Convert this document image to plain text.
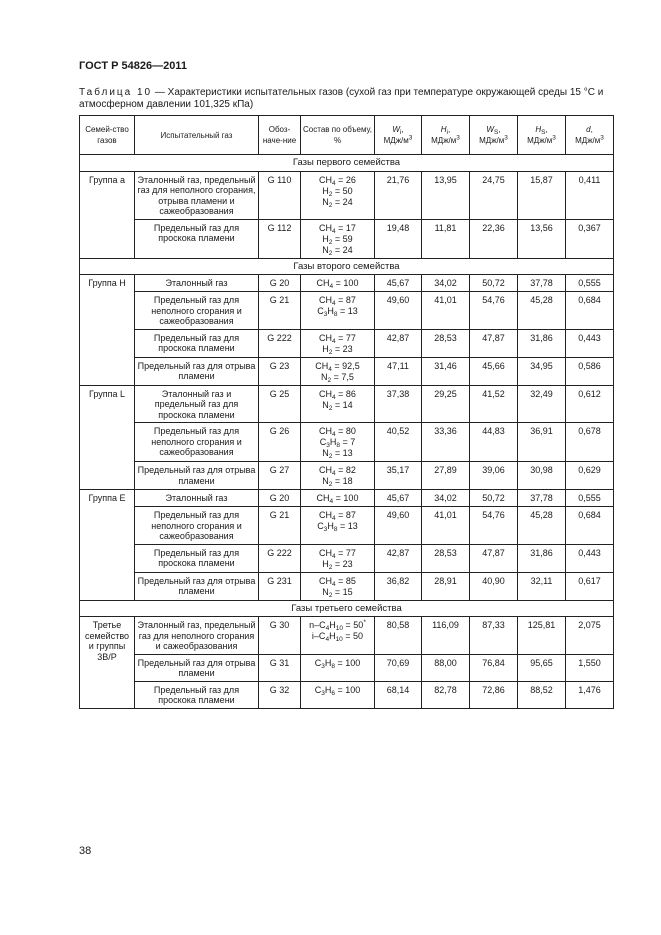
ГОСТ Р 54826—2011
Таблица 10 — Характеристики испытательных газов (сухой газ при температуре окружающей среды 15 °С и атмосферном давлении 101,325 кПа)
Семей-ство газов	Испытательный газ	Обоз-наче-ние	Состав по объему, %	$W_i$,
МДж/$м^3$	$H_i$,
МДж/$м^3$	$W_S$,
МДж/$м^3$	$H_S$,
МДж/$м^3$	d,
МДж/$м^3$
Газы первого семейства								
Группа а	Эталонный газ, предельный газ для неполного сгорания, отрыва пламени и сажеобразования	G 110	$CH_4 = 26$
$H_2 = 50$
$N_2 = 24$	21,76	13,95	24,75	15,87	0,411
	Предельный газ для проскока пламени	G 112	$CH_4 = 17$
$H_2 = 59$
$N_2 = 24$	19,48	11,81	22,36	13,56	0,367
Газы второго семейства								
Группа H	Эталонный газ	G 20	$CH_4 = 100$	45,67	34,02	50,72	37,78	0,555
	Предельный газ для неполного сгорания и сажеобразования	G 21	$CH_4 = 87$
$C_3H_8 = 13$	49,60	41,01	54,76	45,28	0,684
	Предельный газ для проскока пламени	G 222	$CH_4 = 77$
$H_2 = 23$	42,87	28,53	47,87	31,86	0,443
	Предельный газ для отрыва пламени	G 23	$CH_4 = 92,5$
$N_2 = 7,5$	47,11	31,46	45,66	34,95	0,586
Группа L	Эталонный газ и предельный газ для проскока пламени	G 25	$CH_4 = 86$
$N_2 = 14$	37,38	29,25	41,52	32,49	0,612
	Предельный газ для неполного сгорания и сажеобразования	G 26	$CH_4 = 80$
$C_3H_8 = 7$
$N_2 = 13$	40,52	33,36	44,83	36,91	0,678
	Предельный газ для отрыва пламени	G 27	$CH_4 = 82$
$N_2 = 18$	35,17	27,89	39,06	30,98	0,629
Группа E	Эталонный газ	G 20	$CH_4 = 100$	45,67	34,02	50,72	37,78	0,555
	Предельный газ для неполного сгорания и сажеобразования	G 21	$CH_4 = 87$
$C_3H_8 = 13$	49,60	41,01	54,76	45,28	0,684
	Предельный газ для проскока пламени	G 222	$CH_4 = 77$
$H_2 = 23$	42,87	28,53	47,87	31,86	0,443
	Предельный газ для отрыва пламени	G 231	$CH_4 = 85$
$N_2 = 15$	36,82	28,91	40,90	32,11	0,617
Газы третьего семейства								
Третье семейство и группы 3В/Р	Эталонный газ, предельный газ для неполного сгорания и сажеобразования	G 30	$n-C_4H_{10} = 50^*$
$i-C_4H_{10} = 50$	80,58	116,09	87,33	125,81	2,075
	Предельный газ для отрыва пламени	G 31	$C_3H_8 = 100$	70,69	88,00	76,84	95,65	1,550
	Предельный газ для проскока пламени	G 32	$C_3H_6 = 100$	68,14	82,78	72,86	88,52	1,476
38
